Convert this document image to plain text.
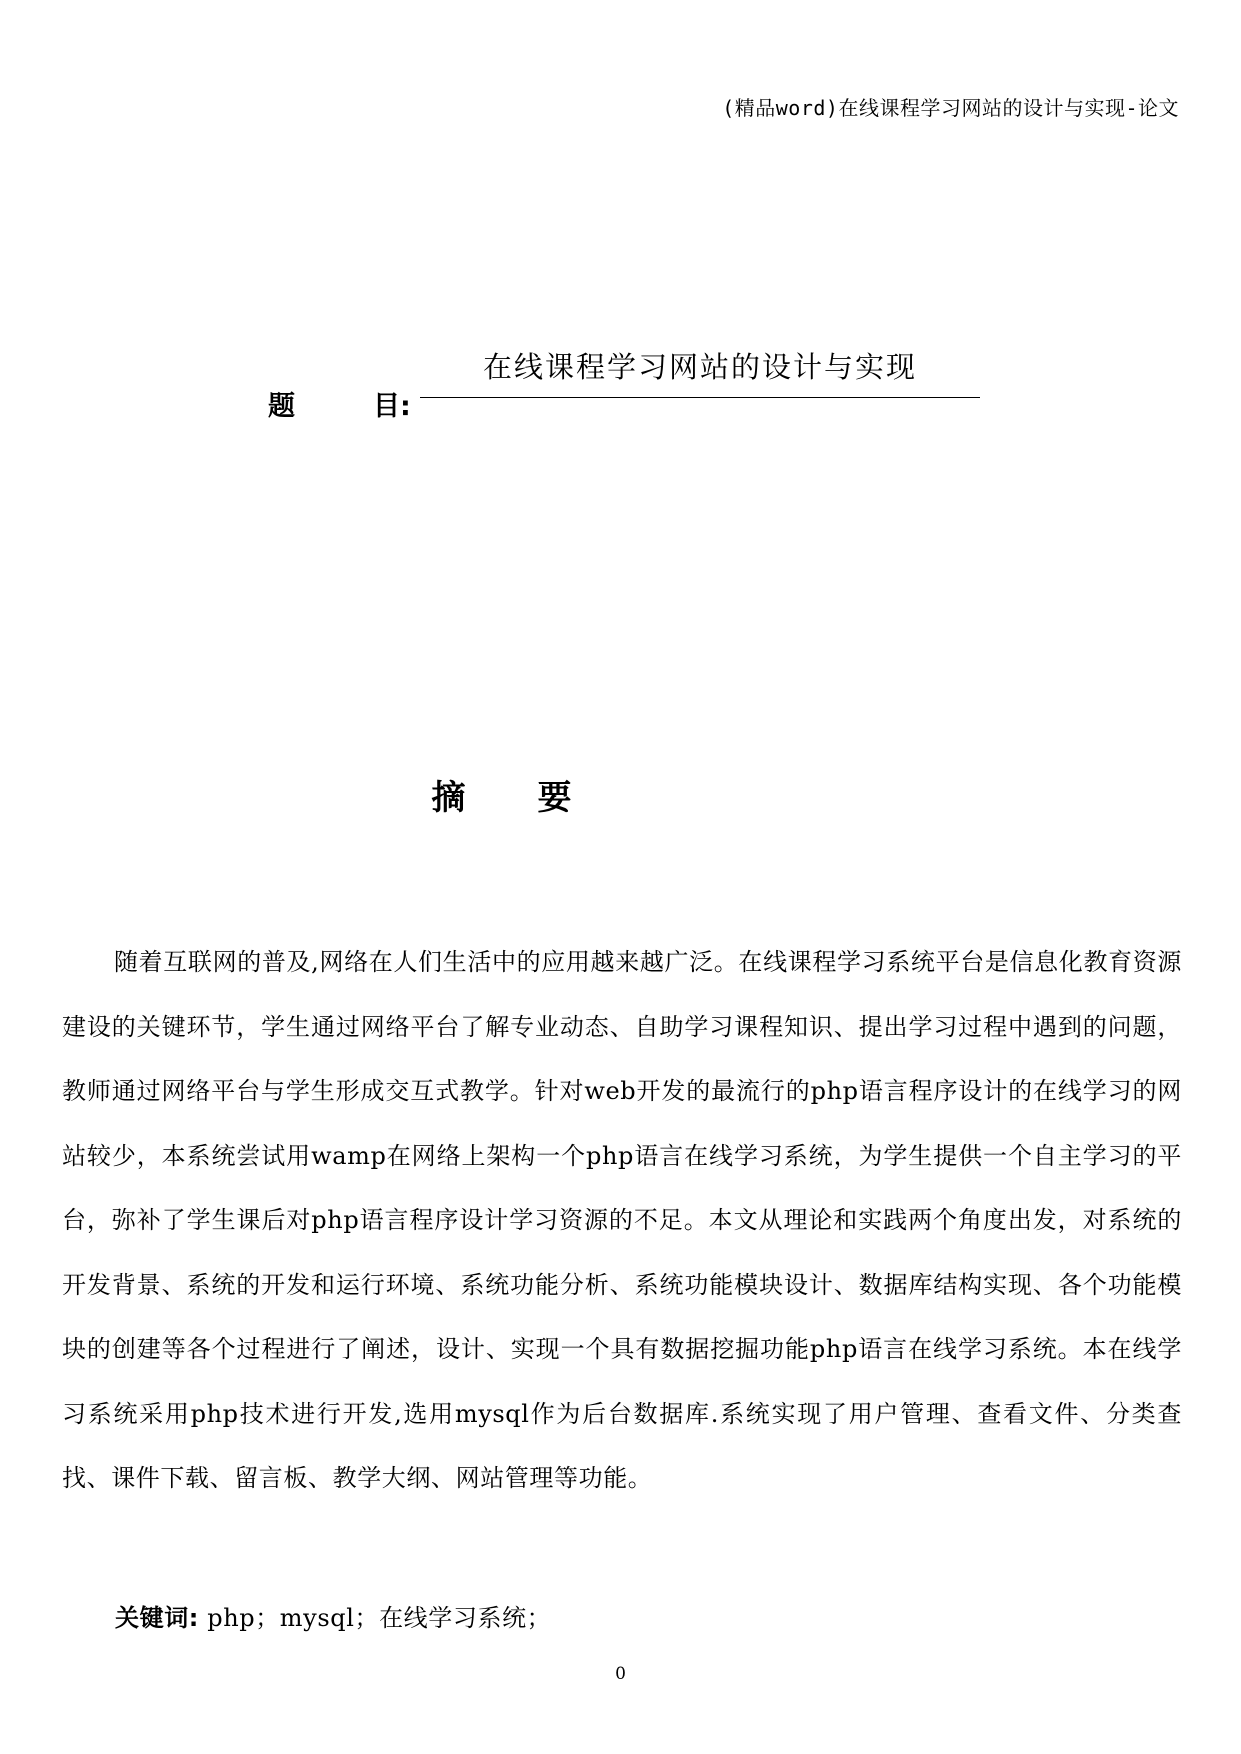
(精品word)在线课程学习网站的设计与实现-论文
题	目:
在线课程学习网站的设计与实现
摘要
随着互联网的普及,网络在人们生活中的应用越来越广泛。在线课程学习系统平台是信息化教育资源建设的关键环节，学生通过网络平台了解专业动态、自助学习课程知识、提出学习过程中遇到的问题，教师通过网络平台与学生形成交互式教学。针对web开发的最流行的php语言程序设计的在线学习的网站较少，本系统尝试用wamp在网络上架构一个php语言在线学习系统，为学生提供一个自主学习的平台，弥补了学生课后对php语言程序设计学习资源的不足。本文从理论和实践两个角度出发，对系统的开发背景、系统的开发和运行环境、系统功能分析、系统功能模块设计、数据库结构实现、各个功能模块的创建等各个过程进行了阐述，设计、实现一个具有数据挖掘功能php语言在线学习系统。本在线学习系统采用php技术进行开发,选用mysql作为后台数据库.系统实现了用户管理、查看文件、分类查找、课件下载、留言板、教学大纲、网站管理等功能。
关键词: php；mysql；在线学习系统；
0
